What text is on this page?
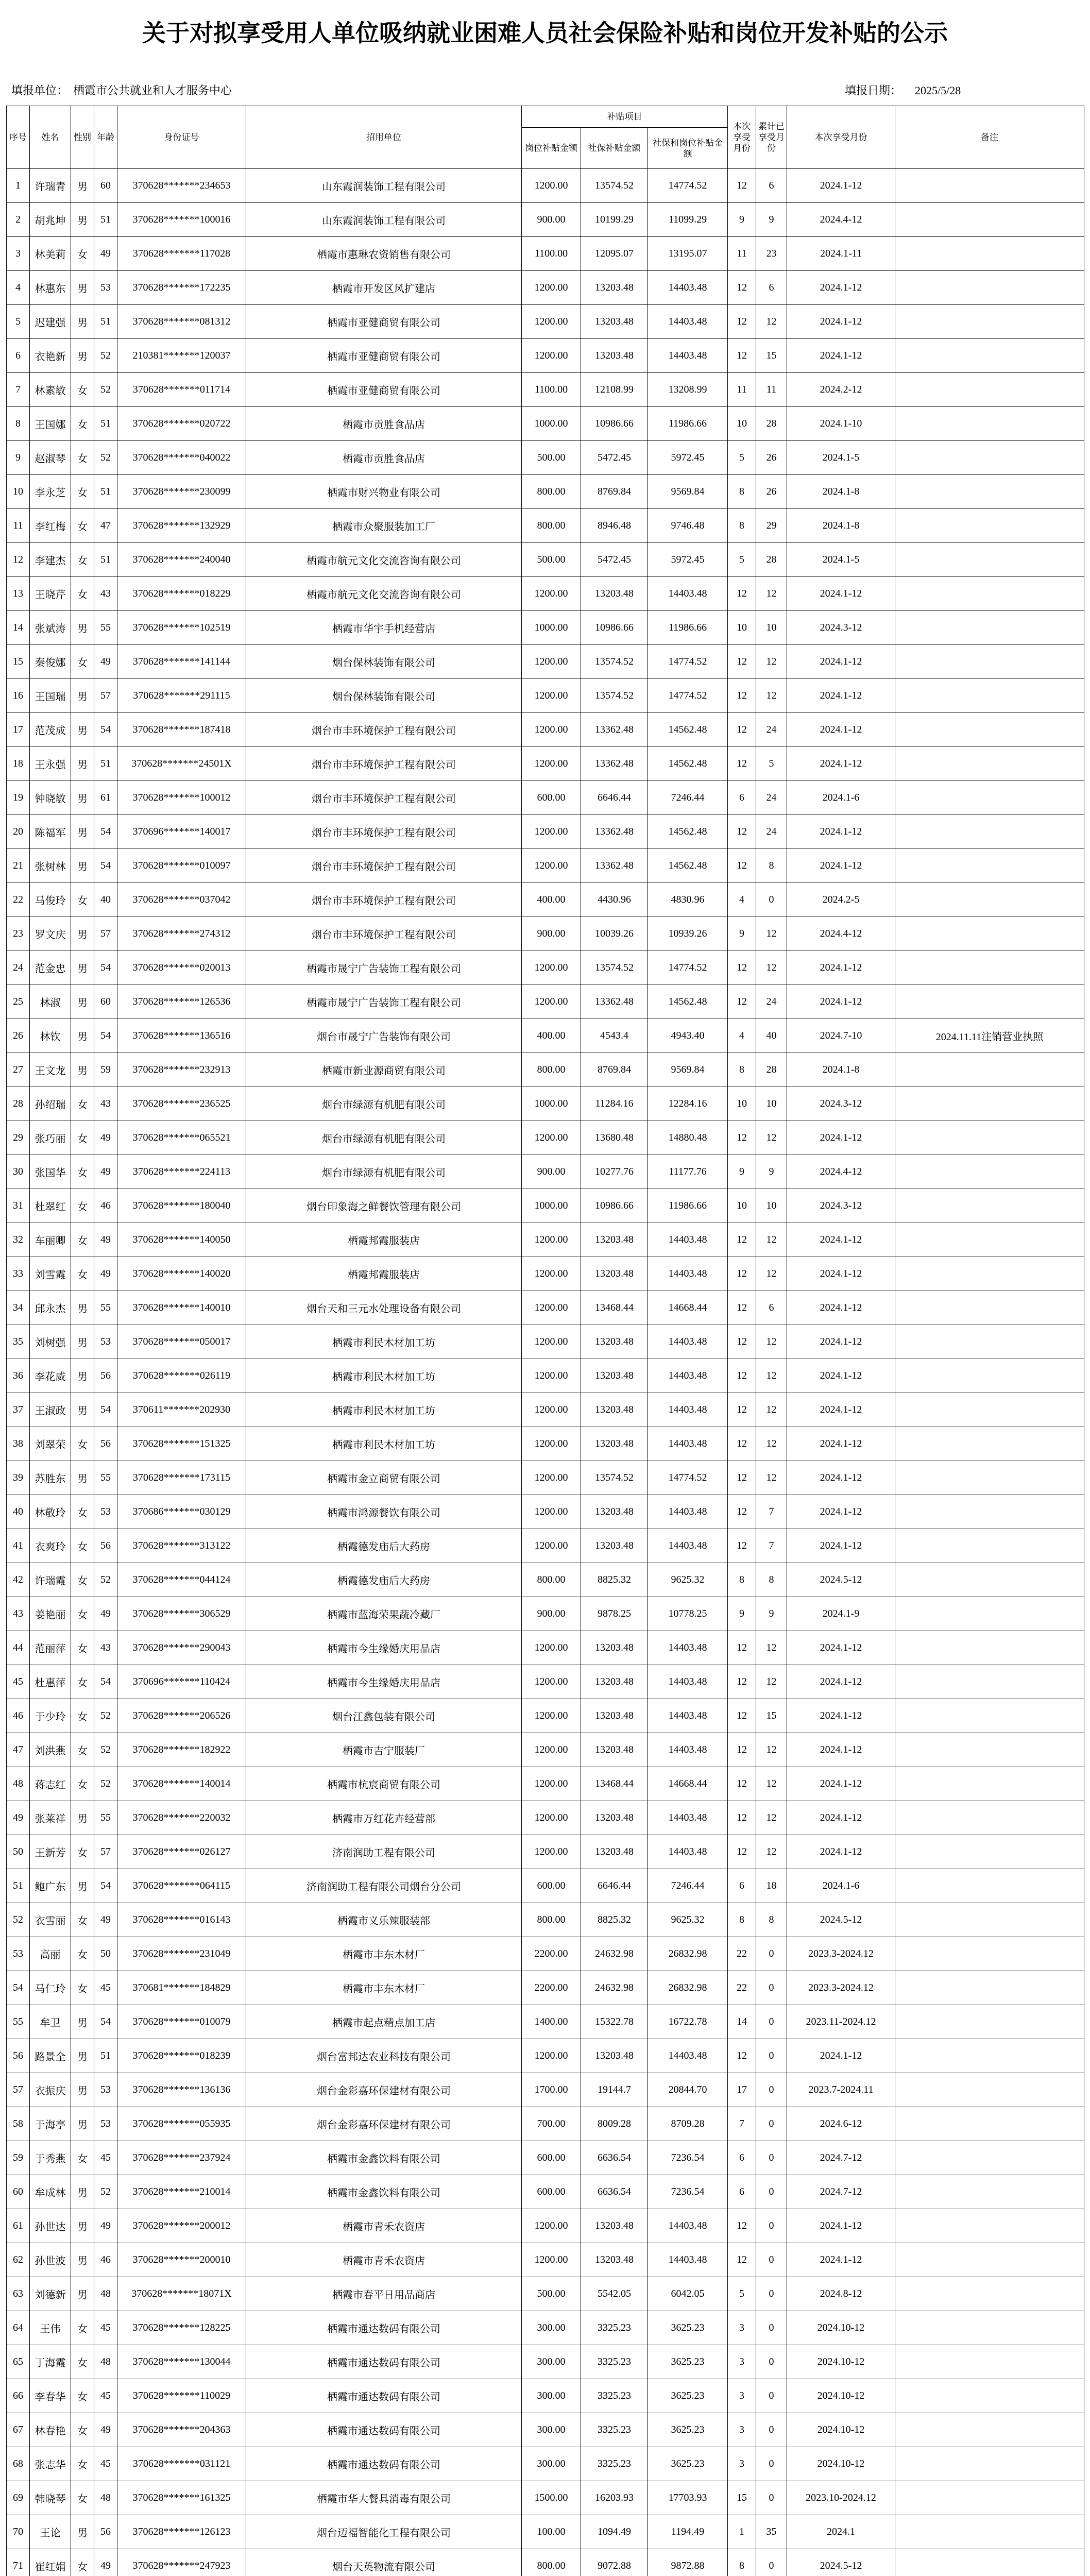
关于对拟享受用人单位吸纳就业困难人员社会保险补贴和岗位开发补贴的公示
填报单位： 栖霞市公共就业和人才服务中心	填报日期： 2025/5/28
序号	姓名	性别	年龄	身份证号	招用单位	补贴项目			本次享受月份	累计已享受月份	本次享受月份	备注
						岗位补贴金额	社保补贴金额	社保和岗位补贴金额				
1	许瑞青	男	60	370628*******234653	山东霞润装饰工程有限公司	1200.00	13574.52	14774.52	12	6	2024.1-12	
2	胡兆坤	男	51	370628*******100016	山东霞润装饰工程有限公司	900.00	10199.29	11099.29	9	9	2024.4-12	
3	林美莉	女	49	370628*******117028	栖霞市惠琳农资销售有限公司	1100.00	12095.07	13195.07	11	23	2024.1-11	
4	林惠东	男	53	370628*******172235	栖霞市开发区风扩建店	1200.00	13203.48	14403.48	12	6	2024.1-12	
5	迟建强	男	51	370628*******081312	栖霞市亚健商贸有限公司	1200.00	13203.48	14403.48	12	12	2024.1-12	
6	衣艳新	男	52	210381*******120037	栖霞市亚健商贸有限公司	1200.00	13203.48	14403.48	12	15	2024.1-12	
7	林素敏	女	52	370628*******011714	栖霞市亚健商贸有限公司	1100.00	12108.99	13208.99	11	11	2024.2-12	
8	王国娜	女	51	370628*******020722	栖霞市贡胜食品店	1000.00	10986.66	11986.66	10	28	2024.1-10	
9	赵淑琴	女	52	370628*******040022	栖霞市贡胜食品店	500.00	5472.45	5972.45	5	26	2024.1-5	
10	李永芝	女	51	370628*******230099	栖霞市财兴物业有限公司	800.00	8769.84	9569.84	8	26	2024.1-8	
11	李红梅	女	47	370628*******132929	栖霞市众聚服装加工厂	800.00	8946.48	9746.48	8	29	2024.1-8	
12	李建杰	女	51	370628*******240040	栖霞市航元文化交流咨询有限公司	500.00	5472.45	5972.45	5	28	2024.1-5	
13	王晓芹	女	43	370628*******018229	栖霞市航元文化交流咨询有限公司	1200.00	13203.48	14403.48	12	12	2024.1-12	
14	张斌涛	男	55	370628*******102519	栖霞市华宇手机经营店	1000.00	10986.66	11986.66	10	10	2024.3-12	
15	秦俊娜	女	49	370628*******141144	烟台保林装饰有限公司	1200.00	13574.52	14774.52	12	12	2024.1-12	
16	王国瑞	男	57	370628*******291115	烟台保林装饰有限公司	1200.00	13574.52	14774.52	12	12	2024.1-12	
17	范茂成	男	54	370628*******187418	烟台市丰环境保护工程有限公司	1200.00	13362.48	14562.48	12	24	2024.1-12	
18	王永强	男	51	370628*******24501X	烟台市丰环境保护工程有限公司	1200.00	13362.48	14562.48	12	5	2024.1-12	
19	钟晓敏	男	61	370628*******100012	烟台市丰环境保护工程有限公司	600.00	6646.44	7246.44	6	24	2024.1-6	
20	陈福军	男	54	370696*******140017	烟台市丰环境保护工程有限公司	1200.00	13362.48	14562.48	12	24	2024.1-12	
21	张树林	男	54	370628*******010097	烟台市丰环境保护工程有限公司	1200.00	13362.48	14562.48	12	8	2024.1-12	
22	马俊玲	女	40	370628*******037042	烟台市丰环境保护工程有限公司	400.00	4430.96	4830.96	4	0	2024.2-5	
23	罗文庆	男	57	370628*******274312	烟台市丰环境保护工程有限公司	900.00	10039.26	10939.26	9	12	2024.4-12	
24	范金忠	男	54	370628*******020013	栖霞市晟宁广告装饰工程有限公司	1200.00	13574.52	14774.52	12	12	2024.1-12	
25	林淑	男	60	370628*******126536	栖霞市晟宁广告装饰工程有限公司	1200.00	13362.48	14562.48	12	24	2024.1-12	
26	林钦	男	54	370628*******136516	烟台市晟宁广告装饰有限公司	400.00	4543.4	4943.40	4	40	2024.7-10	2024.11.11注销营业执照
27	王文龙	男	59	370628*******232913	栖霞市新业源商贸有限公司	800.00	8769.84	9569.84	8	28	2024.1-8	
28	孙绍瑞	女	43	370628*******236525	烟台市绿源有机肥有限公司	1000.00	11284.16	12284.16	10	10	2024.3-12	
29	张巧丽	女	49	370628*******065521	烟台市绿源有机肥有限公司	1200.00	13680.48	14880.48	12	12	2024.1-12	
30	张国华	女	49	370628*******224113	烟台市绿源有机肥有限公司	900.00	10277.76	11177.76	9	9	2024.4-12	
31	杜翠红	女	46	370628*******180040	烟台印象海之鲜餐饮管理有限公司	1000.00	10986.66	11986.66	10	10	2024.3-12	
32	车丽卿	女	49	370628*******140050	栖霞邦霞服装店	1200.00	13203.48	14403.48	12	12	2024.1-12	
33	刘雪霞	女	49	370628*******140020	栖霞邦霞服装店	1200.00	13203.48	14403.48	12	12	2024.1-12	
34	邱永杰	男	55	370628*******140010	烟台天和三元水处理设备有限公司	1200.00	13468.44	14668.44	12	6	2024.1-12	
35	刘树强	男	53	370628*******050017	栖霞市利民木材加工坊	1200.00	13203.48	14403.48	12	12	2024.1-12	
36	李花威	男	56	370628*******026119	栖霞市利民木材加工坊	1200.00	13203.48	14403.48	12	12	2024.1-12	
37	王淑政	男	54	370611*******202930	栖霞市利民木材加工坊	1200.00	13203.48	14403.48	12	12	2024.1-12	
38	刘翠荣	女	56	370628*******151325	栖霞市利民木材加工坊	1200.00	13203.48	14403.48	12	12	2024.1-12	
39	苏胜东	男	55	370628*******173115	栖霞市金立商贸有限公司	1200.00	13574.52	14774.52	12	12	2024.1-12	
40	林敬玲	女	53	370686*******030129	栖霞市鸿源餐饮有限公司	1200.00	13203.48	14403.48	12	7	2024.1-12	
41	衣爽玲	女	56	370628*******313122	栖霞德发庙后大药房	1200.00	13203.48	14403.48	12	7	2024.1-12	
42	许瑞霞	女	52	370628*******044124	栖霞德发庙后大药房	800.00	8825.32	9625.32	8	8	2024.5-12	
43	姜艳丽	女	49	370628*******306529	栖霞市蓝海荣果蔬冷藏厂	900.00	9878.25	10778.25	9	9	2024.1-9	
44	范丽萍	女	43	370628*******290043	栖霞市今生缘婚庆用品店	1200.00	13203.48	14403.48	12	12	2024.1-12	
45	杜惠萍	女	54	370696*******110424	栖霞市今生缘婚庆用品店	1200.00	13203.48	14403.48	12	12	2024.1-12	
46	于少玲	女	52	370628*******206526	烟台江鑫包装有限公司	1200.00	13203.48	14403.48	12	15	2024.1-12	
47	刘洪燕	女	52	370628*******182922	栖霞市吉宁服装厂	1200.00	13203.48	14403.48	12	12	2024.1-12	
48	蒋志红	女	52	370628*******140014	栖霞市杭宸商贸有限公司	1200.00	13468.44	14668.44	12	12	2024.1-12	
49	张莱祥	男	55	370628*******220032	栖霞市万红花卉经营部	1200.00	13203.48	14403.48	12	12	2024.1-12	
50	王新芳	女	57	370628*******026127	济南润助工程有限公司	1200.00	13203.48	14403.48	12	12	2024.1-12	
51	鲍广东	男	54	370628*******064115	济南润助工程有限公司烟台分公司	600.00	6646.44	7246.44	6	18	2024.1-6	
52	衣雪丽	女	49	370628*******016143	栖霞市义乐辣服装部	800.00	8825.32	9625.32	8	8	2024.5-12	
53	高丽	女	50	370628*******231049	栖霞市丰东木材厂	2200.00	24632.98	26832.98	22	0	2023.3-2024.12	
54	马仁玲	女	45	370681*******184829	栖霞市丰东木材厂	2200.00	24632.98	26832.98	22	0	2023.3-2024.12	
55	牟卫	男	54	370628*******010079	栖霞市起点精点加工店	1400.00	15322.78	16722.78	14	0	2023.11-2024.12	
56	路景全	男	51	370628*******018239	烟台富邦达农业科技有限公司	1200.00	13203.48	14403.48	12	0	2024.1-12	
57	衣振庆	男	53	370628*******136136	烟台金彩嘉环保建材有限公司	1700.00	19144.7	20844.70	17	0	2023.7-2024.11	
58	于海亭	男	53	370628*******055935	烟台金彩嘉环保建材有限公司	700.00	8009.28	8709.28	7	0	2024.6-12	
59	于秀燕	女	45	370628*******237924	栖霞市金鑫饮料有限公司	600.00	6636.54	7236.54	6	0	2024.7-12	
60	牟成林	男	52	370628*******210014	栖霞市金鑫饮料有限公司	600.00	6636.54	7236.54	6	0	2024.7-12	
61	孙世达	男	49	370628*******200012	栖霞市青禾农资店	1200.00	13203.48	14403.48	12	0	2024.1-12	
62	孙世波	男	46	370628*******200010	栖霞市青禾农资店	1200.00	13203.48	14403.48	12	0	2024.1-12	
63	刘德新	男	48	370628*******18071X	栖霞市春平日用品商店	500.00	5542.05	6042.05	5	0	2024.8-12	
64	王伟	女	45	370628*******128225	栖霞市通达数码有限公司	300.00	3325.23	3625.23	3	0	2024.10-12	
65	丁海霞	女	48	370628*******130044	栖霞市通达数码有限公司	300.00	3325.23	3625.23	3	0	2024.10-12	
66	李春华	女	45	370628*******110029	栖霞市通达数码有限公司	300.00	3325.23	3625.23	3	0	2024.10-12	
67	林春艳	女	49	370628*******204363	栖霞市通达数码有限公司	300.00	3325.23	3625.23	3	0	2024.10-12	
68	张志华	女	45	370628*******031121	栖霞市通达数码有限公司	300.00	3325.23	3625.23	3	0	2024.10-12	
69	韩晓琴	女	48	370628*******161325	栖霞市华大餐具消毒有限公司	1500.00	16203.93	17703.93	15	0	2023.10-2024.12	
70	王论	男	56	370628*******126123	烟台迈福智能化工程有限公司	100.00	1094.49	1194.49	1	35	2024.1	
71	崔红娟	女	49	370628*******247923	烟台天英物流有限公司	800.00	9072.88	9872.88	8	0	2024.5-12	
